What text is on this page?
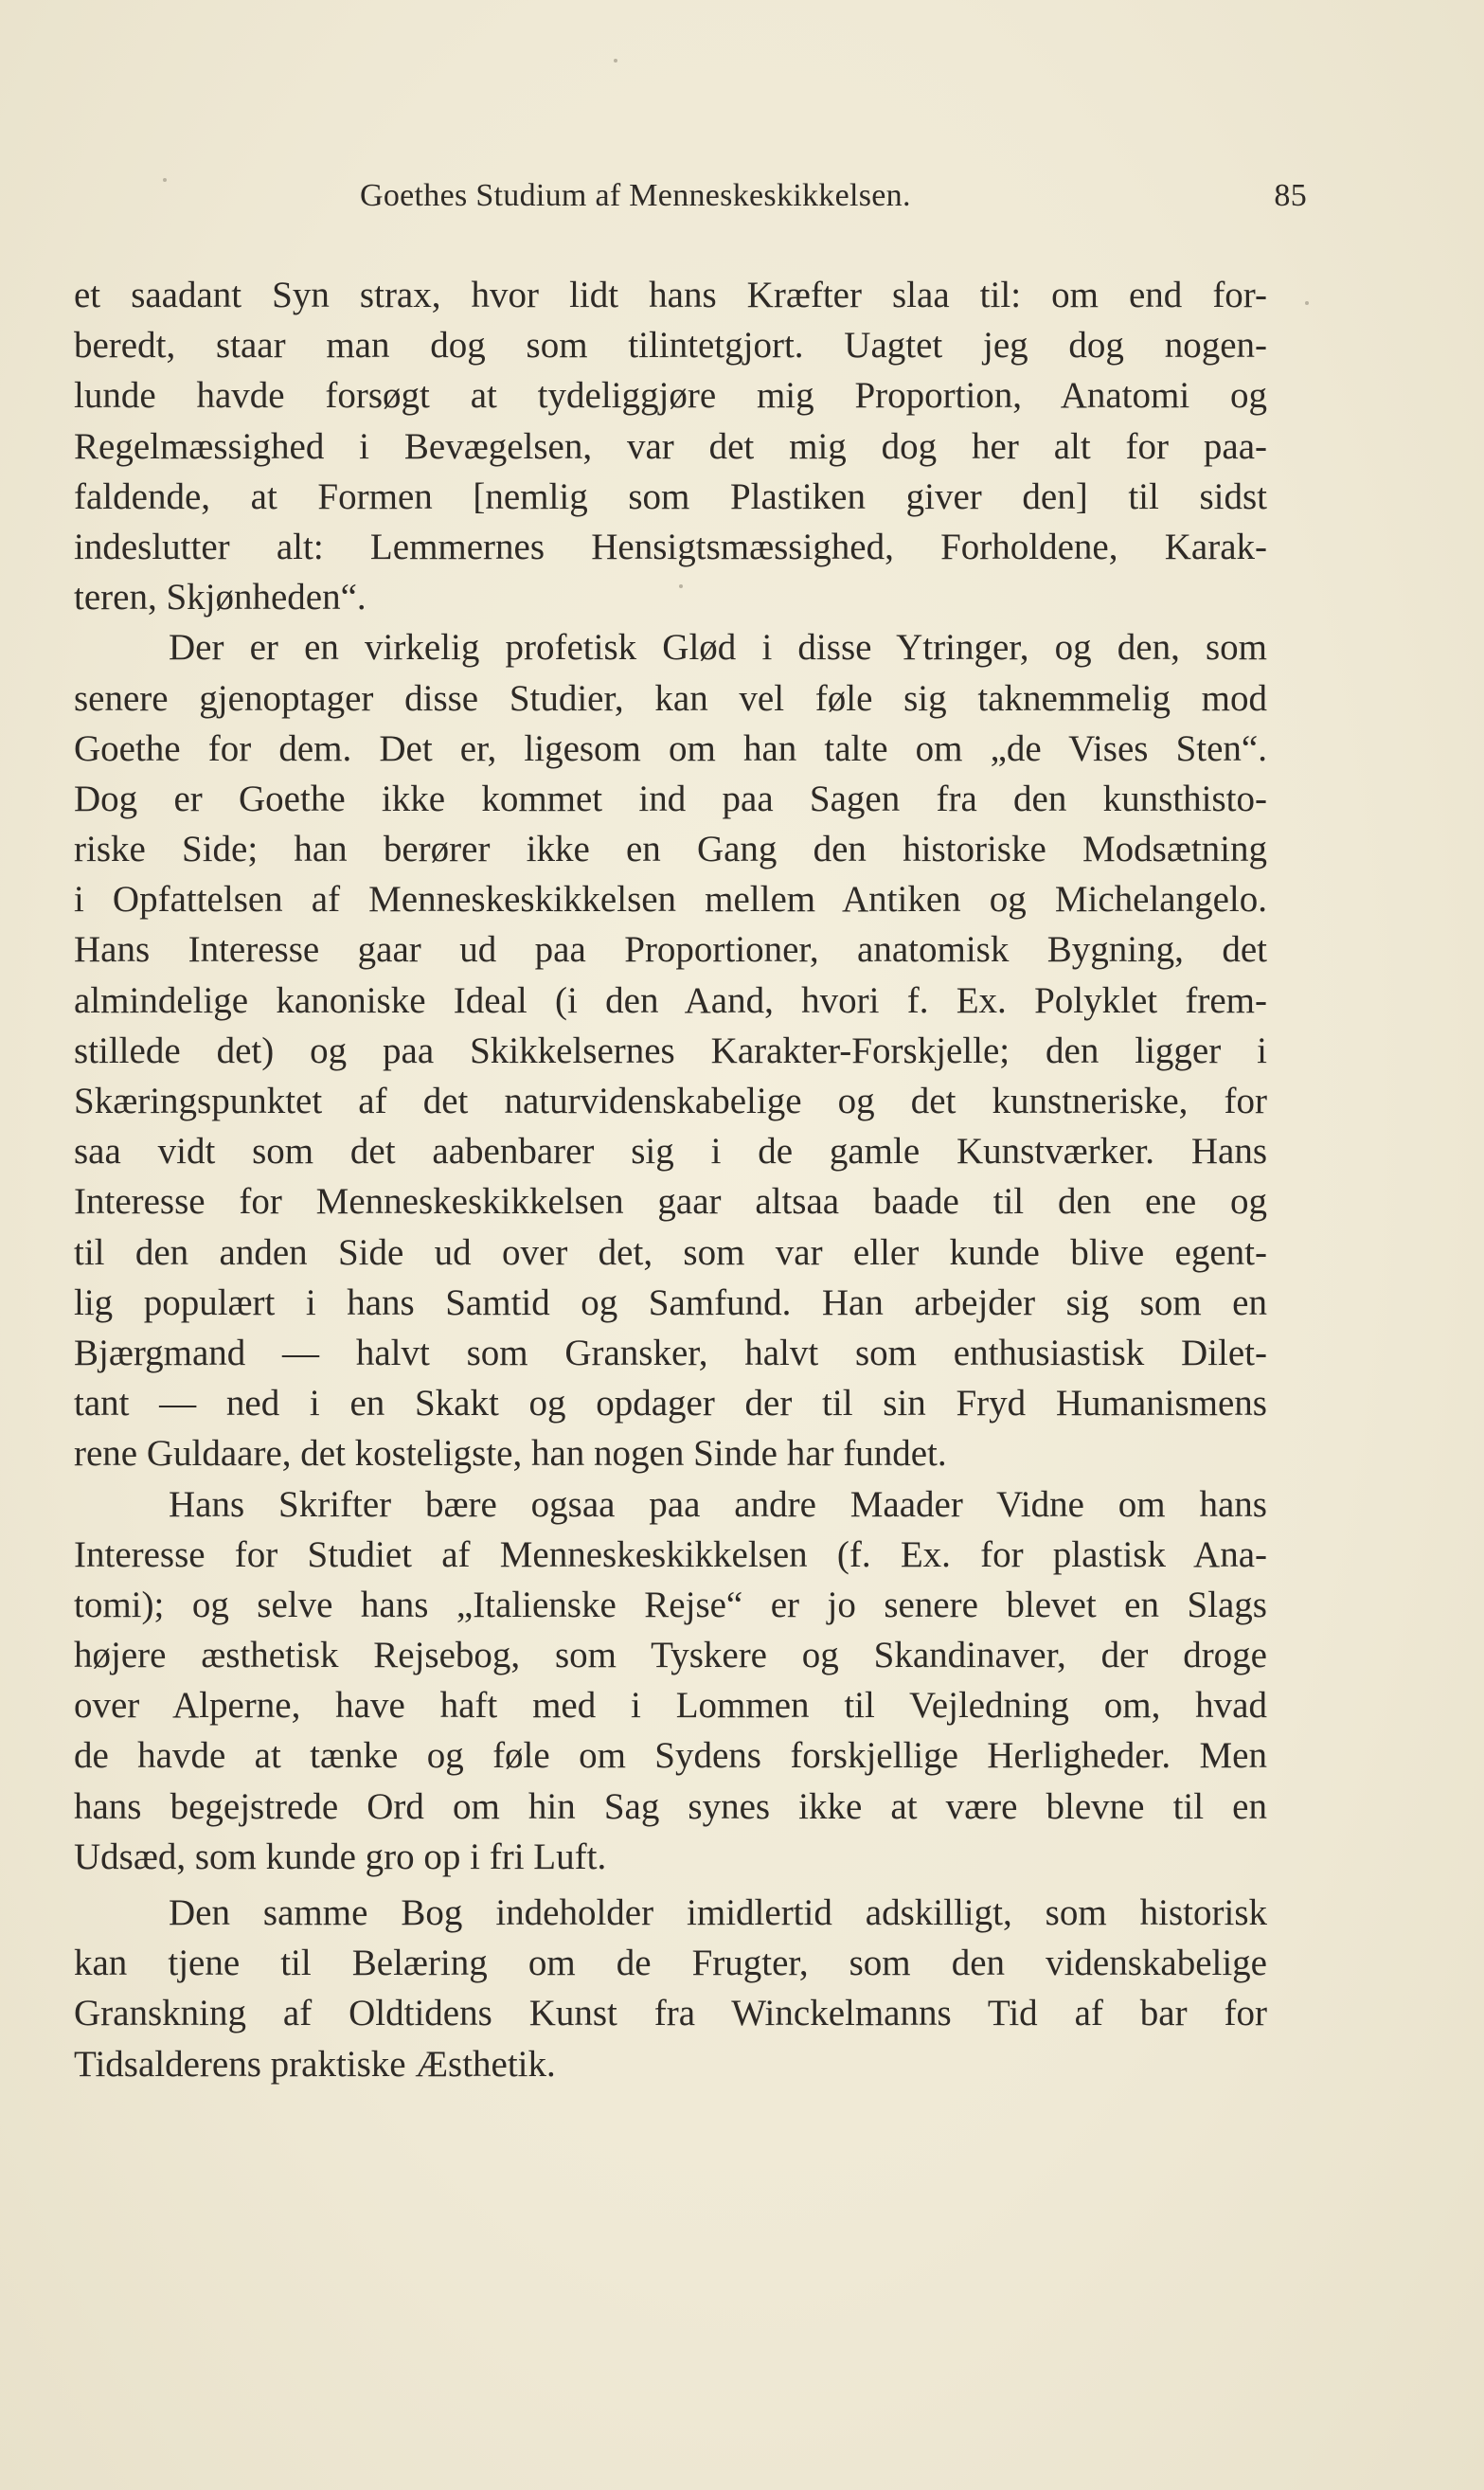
Goethes Studium af Menneskeskikkelsen.	85
et saadant Syn strax, hvor lidt hans Kræfter slaa til: om end for-
beredt, staar man dog som tilintetgjort. Uagtet jeg dog nogen-
lunde havde forsøgt at tydeliggjøre mig Proportion, Anatomi og
Regelmæssighed i Bevægelsen, var det mig dog her alt for paa-
faldende, at Formen [nemlig som Plastiken giver den] til sidst
indeslutter alt: Lemmernes Hensigtsmæssighed, Forholdene, Karak-
teren, Skjønheden“.
Der er en virkelig profetisk Glød i disse Ytringer, og den, som
senere gjenoptager disse Studier, kan vel føle sig taknemmelig mod
Goethe for dem. Det er, ligesom om han talte om „de Vises Sten“.
Dog er Goethe ikke kommet ind paa Sagen fra den kunsthisto-
riske Side; han berører ikke en Gang den historiske Modsætning
i Opfattelsen af Menneskeskikkelsen mellem Antiken og Michelangelo.
Hans Interesse gaar ud paa Proportioner, anatomisk Bygning, det
almindelige kanoniske Ideal (i den Aand, hvori f. Ex. Polyklet frem-
stillede det) og paa Skikkelsernes Karakter-Forskjelle; den ligger i
Skæringspunktet af det naturvidenskabelige og det kunstneriske, for
saa vidt som det aabenbarer sig i de gamle Kunstværker. Hans
Interesse for Menneskeskikkelsen gaar altsaa baade til den ene og
til den anden Side ud over det, som var eller kunde blive egent-
lig populært i hans Samtid og Samfund. Han arbejder sig som en
Bjærgmand — halvt som Gransker, halvt som enthusiastisk Dilet-
tant — ned i en Skakt og opdager der til sin Fryd Humanismens
rene Guldaare, det kosteligste, han nogen Sinde har fundet.
Hans Skrifter bære ogsaa paa andre Maader Vidne om hans
Interesse for Studiet af Menneskeskikkelsen (f. Ex. for plastisk Ana-
tomi); og selve hans „Italienske Rejse“ er jo senere blevet en Slags
højere æsthetisk Rejsebog, som Tyskere og Skandinaver, der droge
over Alperne, have haft med i Lommen til Vejledning om, hvad
de havde at tænke og føle om Sydens forskjellige Herligheder. Men
hans begejstrede Ord om hin Sag synes ikke at være blevne til en
Udsæd, som kunde gro op i fri Luft.
Den samme Bog indeholder imidlertid adskilligt, som historisk
kan tjene til Belæring om de Frugter, som den videnskabelige
Granskning af Oldtidens Kunst fra Winckelmanns Tid af bar for
Tidsalderens praktiske Æsthetik.
